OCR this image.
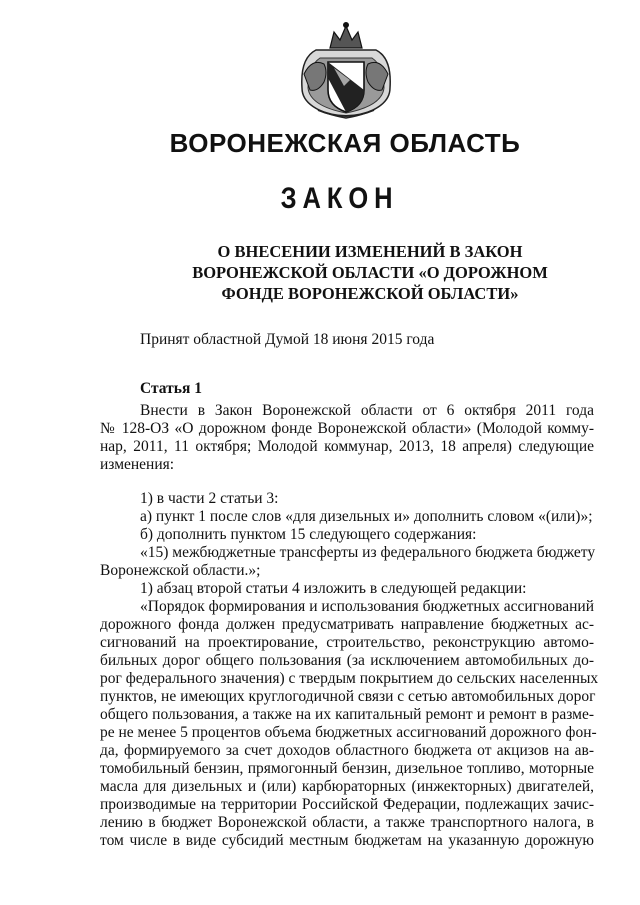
ВОРОНЕЖСКАЯ ОБЛАСТЬ
ЗАКОН
О ВНЕСЕНИИ ИЗМЕНЕНИЙ В ЗАКОН
ВОРОНЕЖСКОЙ ОБЛАСТИ «О ДОРОЖНОМ
ФОНДЕ ВОРОНЕЖСКОЙ ОБЛАСТИ»
Принят областной Думой 18 июня 2015 года
Статья 1
Внести в Закон Воронежской области от 6 октября 2011 года
№ 128-ОЗ «О дорожном фонде Воронежской области» (Молодой комму-
нар, 2011, 11 октября; Молодой коммунар, 2013, 18 апреля) следующие
изменения:
1) в части 2 статьи 3:
а) пункт 1 после слов «для дизельных и» дополнить словом «(или)»;
б) дополнить пунктом 15 следующего содержания:
«15) межбюджетные трансферты из федерального бюджета бюджету
Воронежской области.»;
1) абзац второй статьи 4 изложить в следующей редакции:
«Порядок формирования и использования бюджетных ассигнований
дорожного фонда должен предусматривать направление бюджетных ас-
сигнований на проектирование, строительство, реконструкцию автомо-
бильных дорог общего пользования (за исключением автомобильных до-
рог федерального значения) с твердым покрытием до сельских населенных
пунктов, не имеющих круглогодичной связи с сетью автомобильных дорог
общего пользования, а также на их капитальный ремонт и ремонт в разме-
ре не менее 5 процентов объема бюджетных ассигнований дорожного фон-
да, формируемого за счет доходов областного бюджета от акцизов на ав-
томобильный бензин, прямогонный бензин, дизельное топливо, моторные
масла для дизельных и (или) карбюраторных (инжекторных) двигателей,
производимые на территории Российской Федерации, подлежащих зачис-
лению в бюджет Воронежской области, а также транспортного налога, в
том числе в виде субсидий местным бюджетам на указанную дорожную
